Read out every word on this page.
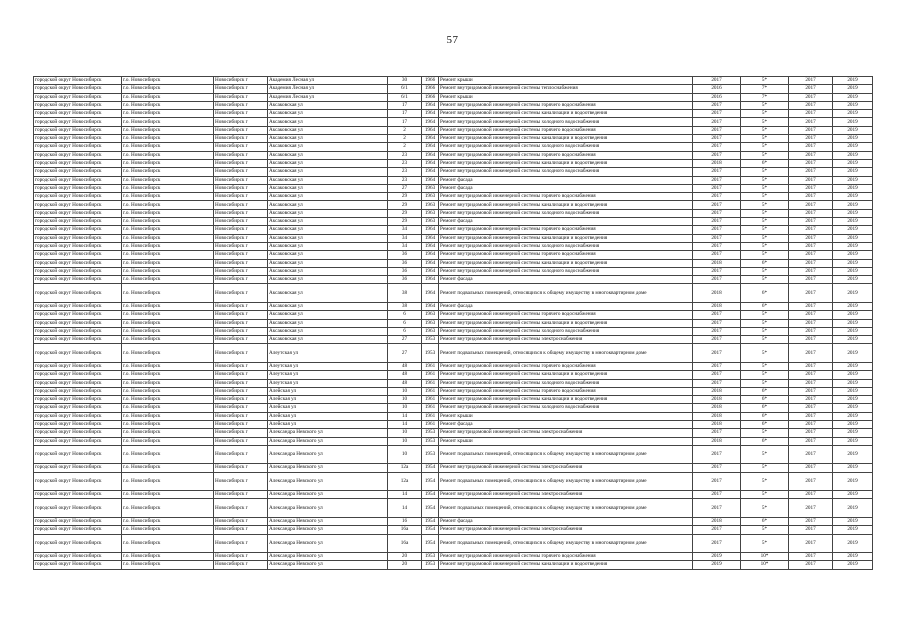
57
городской округ Новосибирск	г.о. Новосибирск	Новосибирск г	Академия Лесная ул	30	1966	Ремонт крыши	2017	5*	2017	2019
городской округ Новосибирск	г.о. Новосибирск	Новосибирск г	Академия Лесная ул	6/1	1966	Ремонт внутридомовой инженерной системы теплоснабжения	2016	7*	2017	2019
городской округ Новосибирск	г.о. Новосибирск	Новосибирск г	Академия Лесная ул	6/1	1966	Ремонт крыши	2016	7*	2017	2019
городской округ Новосибирск	г.о. Новосибирск	Новосибирск г	Аксаковская ул	17	1964	Ремонт внутридомовой инженерной системы горячего водоснабжения	2017	5*	2017	2019
городской округ Новосибирск	г.о. Новосибирск	Новосибирск г	Аксаковская ул	17	1964	Ремонт внутридомовой инженерной системы канализации и водоотведения	2017	5*	2017	2019
городской округ Новосибирск	г.о. Новосибирск	Новосибирск г	Аксаковская ул	17	1964	Ремонт внутридомовой инженерной системы холодного водоснабжения	2017	5*	2017	2019
городской округ Новосибирск	г.о. Новосибирск	Новосибирск г	Аксаковская ул	2	1964	Ремонт внутридомовой инженерной системы горячего водоснабжения	2017	5*	2017	2019
городской округ Новосибирск	г.о. Новосибирск	Новосибирск г	Аксаковская ул	2	1964	Ремонт внутридомовой инженерной системы канализации и водоотведения	2017	5*	2017	2019
городской округ Новосибирск	г.о. Новосибирск	Новосибирск г	Аксаковская ул	2	1964	Ремонт внутридомовой инженерной системы холодного водоснабжения	2017	5*	2017	2019
городской округ Новосибирск	г.о. Новосибирск	Новосибирск г	Аксаковская ул	23	1964	Ремонт внутридомовой инженерной системы горячего водоснабжения	2017	5*	2017	2019
городской округ Новосибирск	г.о. Новосибирск	Новосибирск г	Аксаковская ул	23	1964	Ремонт внутридомовой инженерной системы канализации и водоотведения	2018	6*	2017	2019
городской округ Новосибирск	г.о. Новосибирск	Новосибирск г	Аксаковская ул	23	1964	Ремонт внутридомовой инженерной системы холодного водоснабжения	2017	5*	2017	2019
городской округ Новосибирск	г.о. Новосибирск	Новосибирск г	Аксаковская ул	23	1964	Ремонт фасада	2017	5*	2017	2019
городской округ Новосибирск	г.о. Новосибирск	Новосибирск г	Аксаковская ул	27	1963	Ремонт фасада	2017	5*	2017	2019
городской округ Новосибирск	г.о. Новосибирск	Новосибирск г	Аксаковская ул	29	1963	Ремонт внутридомовой инженерной системы горячего водоснабжения	2017	5*	2017	2019
городской округ Новосибирск	г.о. Новосибирск	Новосибирск г	Аксаковская ул	29	1963	Ремонт внутридомовой инженерной системы канализации и водоотведения	2017	5*	2017	2019
городской округ Новосибирск	г.о. Новосибирск	Новосибирск г	Аксаковская ул	29	1963	Ремонт внутридомовой инженерной системы холодного водоснабжения	2017	5*	2017	2019
городской округ Новосибирск	г.о. Новосибирск	Новосибирск г	Аксаковская ул	29	1963	Ремонт фасада	2017	5*	2017	2019
городской округ Новосибирск	г.о. Новосибирск	Новосибирск г	Аксаковская ул	34	1964	Ремонт внутридомовой инженерной системы горячего водоснабжения	2017	5*	2017	2019
городской округ Новосибирск	г.о. Новосибирск	Новосибирск г	Аксаковская ул	34	1964	Ремонт внутридомовой инженерной системы канализации и водоотведения	2017	5*	2017	2019
городской округ Новосибирск	г.о. Новосибирск	Новосибирск г	Аксаковская ул	34	1964	Ремонт внутридомовой инженерной системы холодного водоснабжения	2017	5*	2017	2019
городской округ Новосибирск	г.о. Новосибирск	Новосибирск г	Аксаковская ул	36	1964	Ремонт внутридомовой инженерной системы горячего водоснабжения	2017	5*	2017	2019
городской округ Новосибирск	г.о. Новосибирск	Новосибирск г	Аксаковская ул	36	1964	Ремонт внутридомовой инженерной системы канализации и водоотведения	2018	6*	2017	2019
городской округ Новосибирск	г.о. Новосибирск	Новосибирск г	Аксаковская ул	36	1964	Ремонт внутридомовой инженерной системы холодного водоснабжения	2017	5*	2017	2019
городской округ Новосибирск	г.о. Новосибирск	Новосибирск г	Аксаковская ул	36	1964	Ремонт фасада	2017	5*	2017	2019
городской округ Новосибирск	г.о. Новосибирск	Новосибирск г	Аксаковская ул	38	1964	Ремонт подвальных помещений, относящихся к общему имуществу в многоквартирном доме	2018	6*	2017	2019
городской округ Новосибирск	г.о. Новосибирск	Новосибирск г	Аксаковская ул	38	1964	Ремонт фасада	2018	6*	2017	2019
городской округ Новосибирск	г.о. Новосибирск	Новосибирск г	Аксаковская ул	6	1963	Ремонт внутридомовой инженерной системы горячего водоснабжения	2017	5*	2017	2019
городской округ Новосибирск	г.о. Новосибирск	Новосибирск г	Аксаковская ул	6	1963	Ремонт внутридомовой инженерной системы канализации и водоотведения	2017	5*	2017	2019
городской округ Новосибирск	г.о. Новосибирск	Новосибирск г	Аксаковская ул	6	1963	Ремонт внутридомовой инженерной системы холодного водоснабжения	2017	5*	2017	2019
городской округ Новосибирск	г.о. Новосибирск	Новосибирск г	Аксаковская ул	27	1953	Ремонт внутридомовой инженерной системы электроснабжения	2017	5*	2017	2019
городской округ Новосибирск	г.о. Новосибирск	Новосибирск г	Алеутская ул	27	1953	Ремонт подвальных помещений, относящихся к общему имуществу в многоквартирном доме	2017	5*	2017	2019
городской округ Новосибирск	г.о. Новосибирск	Новосибирск г	Алеутская ул	48	1961	Ремонт внутридомовой инженерной системы горячего водоснабжения	2017	5*	2017	2019
городской округ Новосибирск	г.о. Новосибирск	Новосибирск г	Алеутская ул	48	1961	Ремонт внутридомовой инженерной системы канализации и водоотведения	2017	5*	2017	2019
городской округ Новосибирск	г.о. Новосибирск	Новосибирск г	Алеутская ул	48	1961	Ремонт внутридомовой инженерной системы холодного водоснабжения	2017	5*	2017	2019
городской округ Новосибирск	г.о. Новосибирск	Новосибирск г	Алейская ул	10	1961	Ремонт внутридомовой инженерной системы горячего водоснабжения	2018	6*	2017	2019
городской округ Новосибирск	г.о. Новосибирск	Новосибирск г	Алейская ул	10	1961	Ремонт внутридомовой инженерной системы канализации и водоотведения	2018	6*	2017	2019
городской округ Новосибирск	г.о. Новосибирск	Новосибирск г	Алейская ул	10	1961	Ремонт внутридомовой инженерной системы холодного водоснабжения	2018	6*	2017	2019
городской округ Новосибирск	г.о. Новосибирск	Новосибирск г	Алейская ул	14	1961	Ремонт крыши	2018	6*	2017	2019
городской округ Новосибирск	г.о. Новосибирск	Новосибирск г	Алейская ул	14	1961	Ремонт фасада	2018	6*	2017	2019
городской округ Новосибирск	г.о. Новосибирск	Новосибирск г	Александра Невского ул	10	1953	Ремонт внутридомовой инженерной системы электроснабжения	2017	5*	2017	2019
городской округ Новосибирск	г.о. Новосибирск	Новосибирск г	Александра Невского ул	10	1953	Ремонт крыши	2018	6*	2017	2019
городской округ Новосибирск	г.о. Новосибирск	Новосибирск г	Александра Невского ул	10	1953	Ремонт подвальных помещений, относящихся к общему имуществу в многоквартирном доме	2017	5*	2017	2019
городской округ Новосибирск	г.о. Новосибирск	Новосибирск г	Александра Невского ул	12а	1954	Ремонт внутридомовой инженерной системы электроснабжения	2017	5*	2017	2019
городской округ Новосибирск	г.о. Новосибирск	Новосибирск г	Александра Невского ул	12а	1954	Ремонт подвальных помещений, относящихся к общему имуществу в многоквартирном доме	2017	5*	2017	2019
городской округ Новосибирск	г.о. Новосибирск	Новосибирск г	Александра Невского ул	14	1954	Ремонт внутридомовой инженерной системы электроснабжения	2017	5*	2017	2019
городской округ Новосибирск	г.о. Новосибирск	Новосибирск г	Александра Невского ул	14	1954	Ремонт подвальных помещений, относящихся к общему имуществу в многоквартирном доме	2017	5*	2017	2019
городской округ Новосибирск	г.о. Новосибирск	Новосибирск г	Александра Невского ул	16	1954	Ремонт фасада	2018	6*	2017	2019
городской округ Новосибирск	г.о. Новосибирск	Новосибирск г	Александра Невского ул	16а	1954	Ремонт внутридомовой инженерной системы электроснабжения	2017	5*	2017	2019
городской округ Новосибирск	г.о. Новосибирск	Новосибирск г	Александра Невского ул	16а	1954	Ремонт подвальных помещений, относящихся к общему имуществу в многоквартирном доме	2017	5*	2017	2019
городской округ Новосибирск	г.о. Новосибирск	Новосибирск г	Александра Невского ул	20	1953	Ремонт внутридомовой инженерной системы горячего водоснабжения	2019	10*	2017	2019
городской округ Новосибирск	г.о. Новосибирск	Новосибирск г	Александра Невского ул	20	1953	Ремонт внутридомовой инженерной системы канализации и водоотведения	2019	10*	2017	2019
